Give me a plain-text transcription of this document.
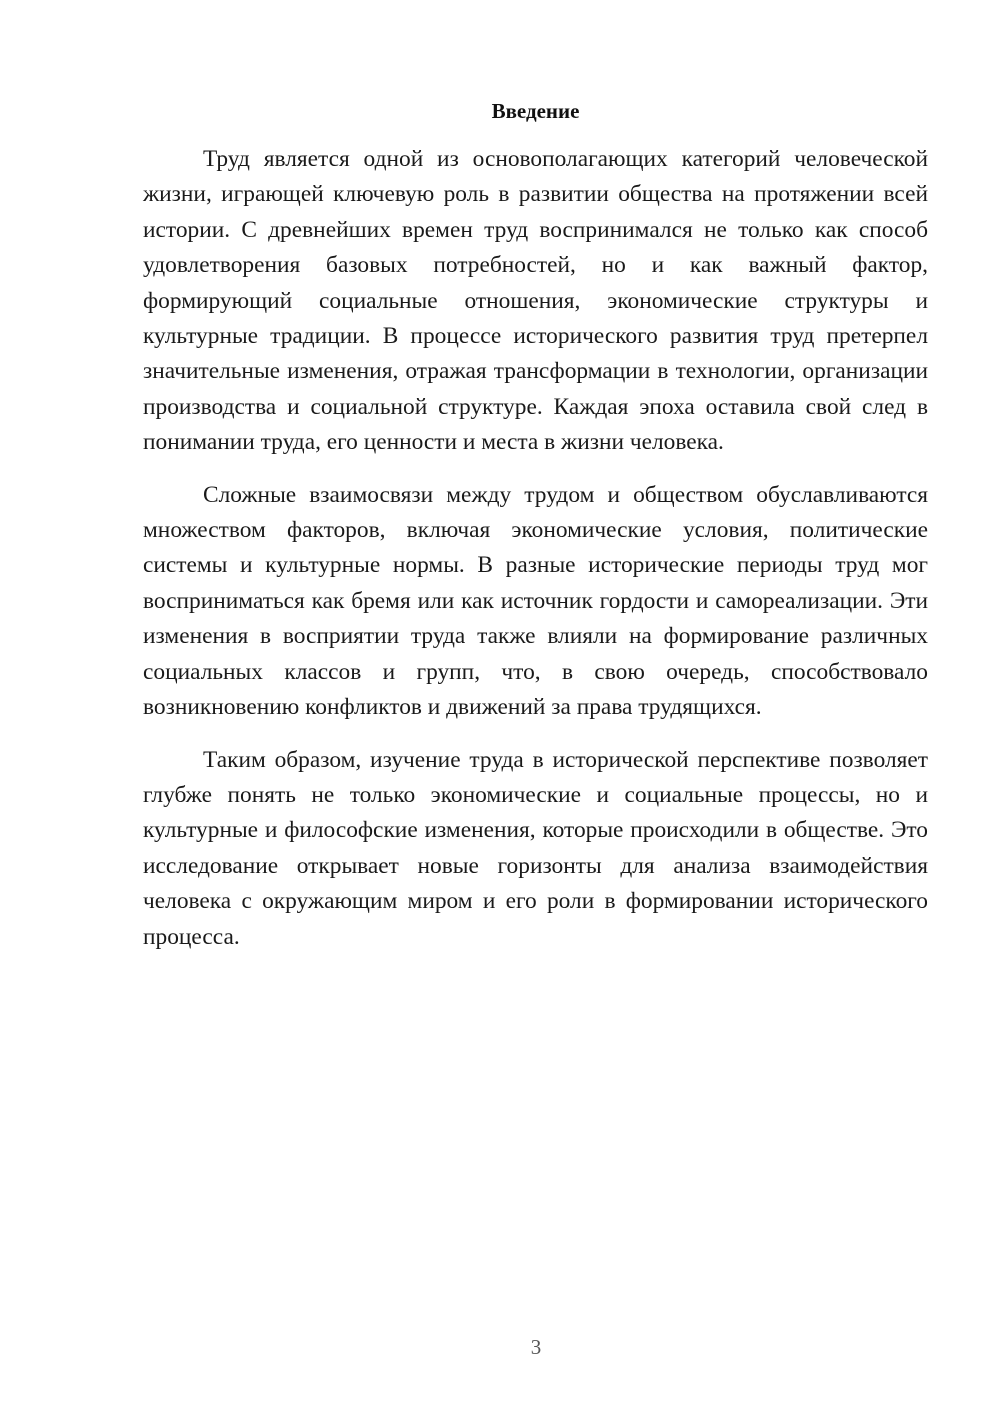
Введение

Труд является одной из основополагающих категорий человеческой жизни, играющей ключевую роль в развитии общества на протяжении всей истории. С древнейших времен труд воспринимался не только как способ удовлетворения базовых потребностей, но и как важный фактор, формирующий социальные отношения, экономические структуры и культурные традиции. В процессе исторического развития труд претерпел значительные изменения, отражая трансформации в технологии, организации производства и социальной структуре. Каждая эпоха оставила свой след в понимании труда, его ценности и места в жизни человека.

Сложные взаимосвязи между трудом и обществом обуславливаются множеством факторов, включая экономические условия, политические системы и культурные нормы. В разные исторические периоды труд мог восприниматься как бремя или как источник гордости и самореализации. Эти изменения в восприятии труда также влияли на формирование различных социальных классов и групп, что, в свою очередь, способствовало возникновению конфликтов и движений за права трудящихся.

Таким образом, изучение труда в исторической перспективе позволяет глубже понять не только экономические и социальные процессы, но и культурные и философские изменения, которые происходили в обществе. Это исследование открывает новые горизонты для анализа взаимодействия человека с окружающим миром и его роли в формировании исторического процесса.

3
